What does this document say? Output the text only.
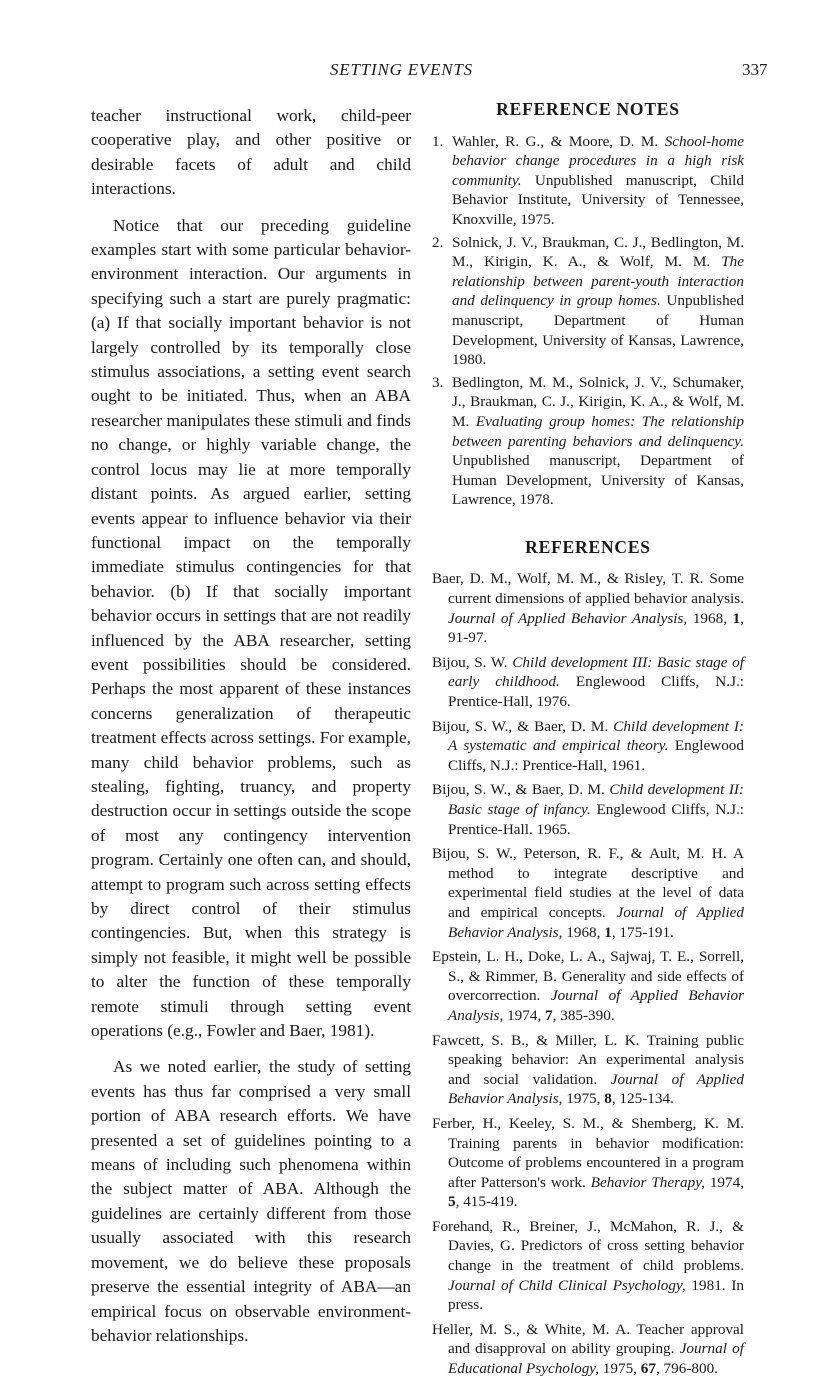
SETTING EVENTS	337

teacher instructional work, child-peer cooperative play, and other positive or desirable facets of adult and child interactions.

Notice that our preceding guideline examples start with some particular behavior-environment interaction. Our arguments in specifying such a start are purely pragmatic: (a) If that socially important behavior is not largely controlled by its temporally close stimulus associations, a setting event search ought to be initiated. Thus, when an ABA researcher manipulates these stimuli and finds no change, or highly variable change, the control locus may lie at more temporally distant points. As argued earlier, setting events appear to influence behavior via their functional impact on the temporally immediate stimulus contingencies for that behavior. (b) If that socially important behavior occurs in settings that are not readily influenced by the ABA researcher, setting event possibilities should be considered. Perhaps the most apparent of these instances concerns generalization of therapeutic treatment effects across settings. For example, many child behavior problems, such as stealing, fighting, truancy, and property destruction occur in settings outside the scope of most any contingency intervention program. Certainly one often can, and should, attempt to program such across setting effects by direct control of their stimulus contingencies. But, when this strategy is simply not feasible, it might well be possible to alter the function of these temporally remote stimuli through setting event operations (e.g., Fowler and Baer, 1981).

As we noted earlier, the study of setting events has thus far comprised a very small portion of ABA research efforts. We have presented a set of guidelines pointing to a means of including such phenomena within the subject matter of ABA. Although the guidelines are certainly different from those usually associated with this research movement, we do believe these proposals preserve the essential integrity of ABA—an empirical focus on observable environment-behavior relationships.

REFERENCE NOTES
1. Wahler, R. G., & Moore, D. M. School-home behavior change procedures in a high risk community. Unpublished manuscript, Child Behavior Institute, University of Tennessee, Knoxville, 1975.
2. Solnick, J. V., Braukman, C. J., Bedlington, M. M., Kirigin, K. A., & Wolf, M. M. The relationship between parent-youth interaction and delinquency in group homes. Unpublished manuscript, Department of Human Development, University of Kansas, Lawrence, 1980.
3. Bedlington, M. M., Solnick, J. V., Schumaker, J., Braukman, C. J., Kirigin, K. A., & Wolf, M. M. Evaluating group homes: The relationship between parenting behaviors and delinquency. Unpublished manuscript, Department of Human Development, University of Kansas, Lawrence, 1978.
REFERENCES
Baer, D. M., Wolf, M. M., & Risley, T. R. Some current dimensions of applied behavior analysis. Journal of Applied Behavior Analysis, 1968, 1, 91-97.
Bijou, S. W. Child development III: Basic stage of early childhood. Englewood Cliffs, N.J.: Prentice-Hall, 1976.
Bijou, S. W., & Baer, D. M. Child development I: A systematic and empirical theory. Englewood Cliffs, N.J.: Prentice-Hall, 1961.
Bijou, S. W., & Baer, D. M. Child development II: Basic stage of infancy. Englewood Cliffs, N.J.: Prentice-Hall. 1965.
Bijou, S. W., Peterson, R. F., & Ault, M. H. A method to integrate descriptive and experimental field studies at the level of data and empirical concepts. Journal of Applied Behavior Analysis, 1968, 1, 175-191.
Epstein, L. H., Doke, L. A., Sajwaj, T. E., Sorrell, S., & Rimmer, B. Generality and side effects of overcorrection. Journal of Applied Behavior Analysis, 1974, 7, 385-390.
Fawcett, S. B., & Miller, L. K. Training public speaking behavior: An experimental analysis and social validation. Journal of Applied Behavior Analysis, 1975, 8, 125-134.
Ferber, H., Keeley, S. M., & Shemberg, K. M. Training parents in behavior modification: Outcome of problems encountered in a program after Patterson's work. Behavior Therapy, 1974, 5, 415-419.
Forehand, R., Breiner, J., McMahon, R. J., & Davies, G. Predictors of cross setting behavior change in the treatment of child problems. Journal of Child Clinical Psychology, 1981. In press.
Heller, M. S., & White, M. A. Teacher approval and disapproval on ability grouping. Journal of Educational Psychology, 1975, 67, 796-800.
